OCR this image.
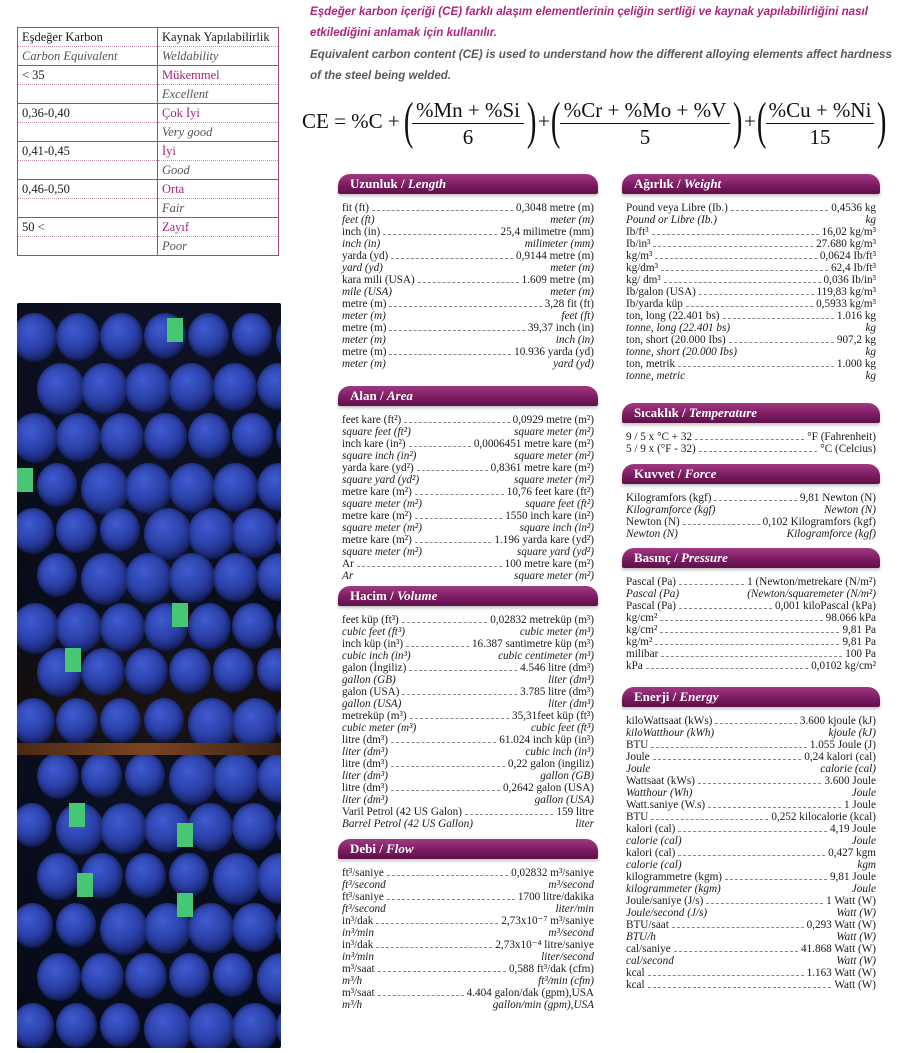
Eşdeğer Karbon	Kaynak Yapılabilirlik
Carbon Equivalent	Weldability
< 35	Mükemmel
	Excellent
0,36-0,40	Çok İyi
	Very good
0,41-0,45	İyi
	Good
0,46-0,50	Orta
	Fair
50 <	Zayıf
	Poor

Eşdeğer karbon içeriği (CE) farklı alaşım elementlerinin çeliğin sertliği ve kaynak yapılabilirliğini nasıl etkilediğini anlamak için kullanılır.

Equivalent carbon content (CE) is used to understand how the different alloying elements affect hardness of the steel being welded.

CE = %C + (
$\frac{\%Mn + \%Si}{6}$ ) + ( $\frac{\%Cr + \%Mo + \%V}{5}$ ) + ( $\frac{\%Cu + \%Ni}{15}$ )
Uzunluk / Length
fit (ft)	0,3048 metre (m)
feet (ft)	meter (m)
inch (in)	25,4 milimetre (mm)
inch (in)	milimeter (mm)
yarda (yd)	0,9144 metre (m)
yard (yd)	meter (m)
kara mili (USA)	1.609 metre (m)
mile (USA)	meter (m)
metre (m)	3,28 fit (ft)
meter (m)	feet (ft)
metre (m)	39,37 inch (in)
meter (m)	inch (in)
metre (m)	10.936 yarda (yd)
meter (m)	yard (yd)
Alan / Area
feet kare (ft²)	0,0929 metre (m²)
square feet (ft²)	square meter (m²)
inch kare (in²)	0,0006451 metre kare (m²)
square inch (in²)	square meter (m²)
yarda kare (yd²)	0,8361 metre kare (m²)
square yard (yd²)	square meter (m²)
metre kare (m²)	10,76 feet kare (ft²)
square meter (m²)	square feet (ft²)
metre kare (m²)	1550 inch kare (in²)
square meter (m²)	square inch (in²)
metre kare (m²)	1.196 yarda kare (yd²)
square meter (m²)	square yard (yd²)
Ar	100 metre kare (m²)
Ar	square meter (m²)
Hacim / Volume
feet küp (ft³)	0,02832 metreküp (m³)
cubic feet (ft³)	cubic meter (m³)
inch küp (in³)	16.387 santimetre küp (m³)
cubic inch (in³)	cubic centimeter (m³)
galon (İngiliz)	4.546 litre (dm³)
gallon (GB)	liter (dm³)
galon (USA)	3.785 litre (dm³)
gallon (USA)	liter (dm³)
metreküp (m³)	35,31feet küp (ft³)
cubic meter (m³)	cubic feet (ft³)
litre (dm³)	61.024 inch küp (in³)
liter (dm³)	cubic inch (in³)
litre (dm³)	0,22 galon (ingiliz)
liter (dm³)	gallon (GB)
litre (dm³)	0,2642 galon (USA)
liter (dm³)	gallon (USA)
Varil Petrol (42 US Galon)	159 litre
Barrel Petrol (42 US Gallon)	liter
Debi / Flow
ft³/saniye	0,02832 m³/saniye
ft³/second	m³/second
ft³/saniye	1700 litre/dakika
ft³/second	liter/min
in³/dak	2,73x10⁻⁷ m³/saniye
in³/min	m³/second
in³/dak	2,73x10⁻⁴ litre/saniye
in³/min	liter/second
m³/saat	0,588 ft³/dak (cfm)
m³/h	ft³/min (cfm)
m³/saat	4.404 galon/dak (gpm),USA
m³/h	gallon/min (gpm),USA
Ağırlık / Weight
Pound veya Libre (Ib.)	0,4536 kg
Pound or Libre (Ib.)	kg
Ib/ft³	16,02 kg/m³
Ib/in³	27.680 kg/m³
kg/m³	0,0624 Ib/ft³
kg/dm³	62,4 Ib/ft³
kg/ dm³	0,036 Ib/in³
Ib/galon (USA)	119,83 kg/m³
Ib/yarda küp	0,5933 kg/m³
ton, long (22.401 bs)	1.016 kg
tonne, long (22.401 bs)	kg
ton, short (20.000 Ibs)	907,2 kg
tonne, short (20.000 Ibs)	kg
ton, metrik	1.000 kg
tonne, metric	kg
Sıcaklık / Temperature
9 / 5 x °C + 32	°F (Fahrenheit)
5 / 9 x (°F - 32)	°C (Celcius)
Kuvvet / Force
Kilogramfors (kgf)	9,81 Newton (N)
Kilogramforce (kgf)	Newton (N)
Newton (N)	0,102 Kilogramfors (kgf)
Newton (N)	Kilogramforce (kgf)
Basınç / Pressure
Pascal (Pa)	1 (Newton/metrekare (N/m²)
Pascal (Pa)	(Newton/squaremeter (N/m²)
Pascal (Pa)	0,001 kiloPascal (kPa)
kg/cm²	98.066 kPa
kg/cm²	9,81 Pa
kg/m²	9,81 Pa
milibar	100 Pa
kPa	0,0102 kg/cm²
Enerji / Energy
kiloWattsaat (kWs)	3.600 kjoule (kJ)
kiloWatthour (kWh)	kjoule (kJ)
BTU	1.055 Joule (J)
Joule	0,24 kalori (cal)
Joule	calorie (cal)
Wattsaat (kWs)	3.600 Joule
Watthour (Wh)	Joule
Watt.saniye (W.s)	1 Joule
BTU	0,252 kilocalorie (kcal)
kalori (cal)	4,19 Joule
calorie (cal)	Joule
kalori (cal)	0,427 kgm
calorie (cal)	kgm
kilogrammetre (kgm)	9,81 Joule
kilogrammeter (kgm)	Joule
Joule/saniye (J/s)	1 Watt (W)
Joule/second (J/s)	Watt (W)
BTU/saat	0,293 Watt (W)
BTU/h	Watt (W)
cal/saniye	41.868 Watt (W)
cal/second	Watt (W)
kcal	1.163 Watt (W)
kcal	Watt (W)
